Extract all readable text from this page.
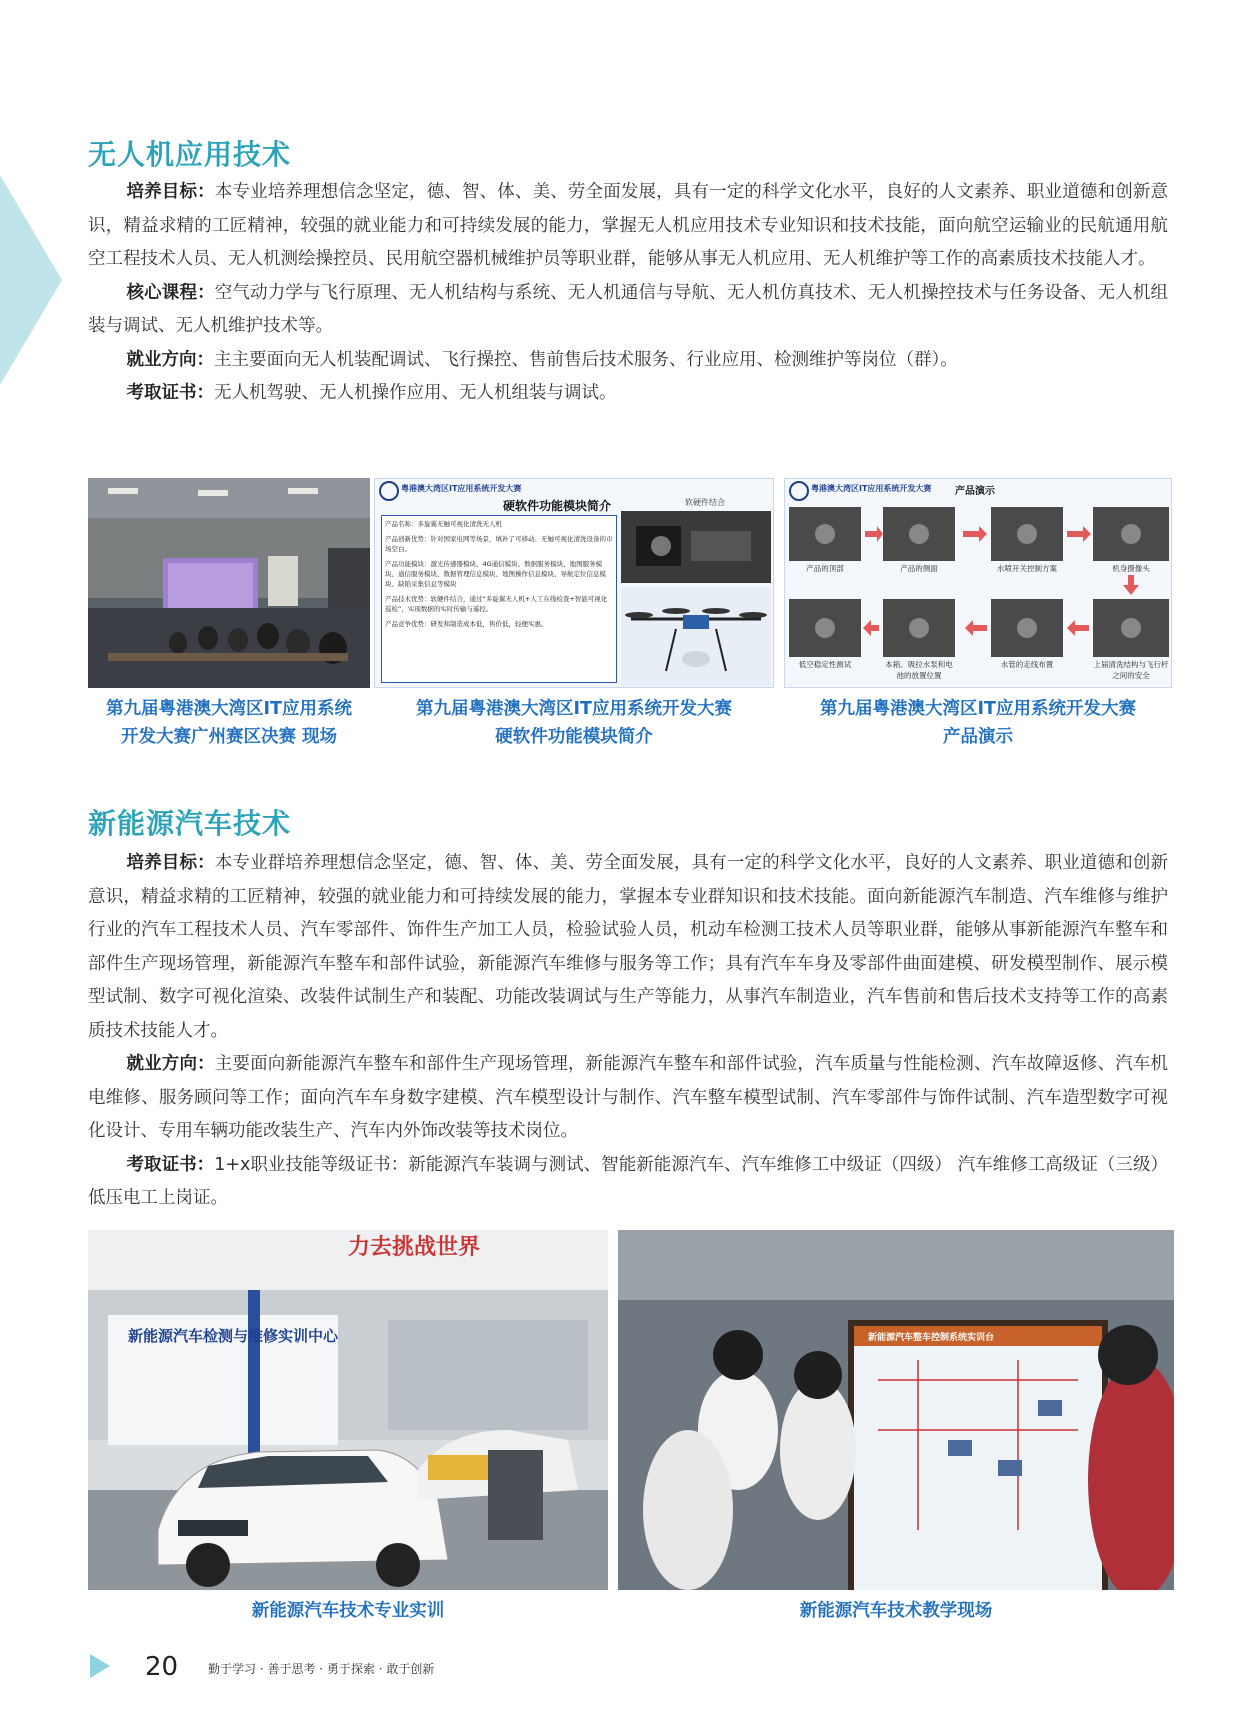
无人机应用技术

培养目标：本专业培养理想信念坚定，德、智、体、美、劳全面发展，具有一定的科学文化水平，良好的人文素养、职业道德和创新意识，精益求精的工匠精神，较强的就业能力和可持续发展的能力，掌握无人机应用技术专业知识和技术技能，面向航空运输业的民航通用航空工程技术人员、无人机测绘操控员、民用航空器机械维护员等职业群，能够从事无人机应用、无人机维护等工作的高素质技术技能人才。

核心课程：空气动力学与飞行原理、无人机结构与系统、无人机通信与导航、无人机仿真技术、无人机操控技术与任务设备、无人机组装与调试、无人机维护技术等。

就业方向：主主要面向无人机装配调试、飞行操控、售前售后技术服务、行业应用、检测维护等岗位（群）。

考取证书：无人机驾驶、无人机操作应用、无人机组装与调试。

第九届粤港澳大湾区IT应用系统
开发大赛广州赛区决赛 现场
粤港澳大湾区IT应用系统开发大赛
硬软件功能模块简介
产品名称：多旋翼无触可视化清洗无人机
产品创新优势：针对国家电网等场景，填补了可移动、无触可视化清洗设备的市场空白。
产品功能模块：激光传感器模块、4G通信模块、数据服务模块、地图服务模块、通信服务模块、数据管理信息模块、地图操作信息模块、导航定位信息模块、缺陷采集信息等模块
产品技术优势：软硬件结合，通过“多旋翼无人机+人工在线检查+智能可视化巡检”，实现数据的实时传输与遥控。
产品竞争优势：研发和制造成本低，售价低，轻便实惠。
软硬件结合
第九届粤港澳大湾区IT应用系统开发大赛
硬软件功能模块简介
粤港澳大湾区IT应用系统开发大赛 产品演示
产品的顶部	产品的侧面	水喷开关控制方案	机身摄像头
上届清洗结构与飞行杆之间的安全
水管的走线布置
本箱、吸拉水泵和电池的放置位置
低空稳定性测试
第九届粤港澳大湾区IT应用系统开发大赛
产品演示
新能源汽车技术

培养目标：本专业群培养理想信念坚定，德、智、体、美、劳全面发展，具有一定的科学文化水平，良好的人文素养、职业道德和创新意识，精益求精的工匠精神，较强的就业能力和可持续发展的能力，掌握本专业群知识和技术技能。面向新能源汽车制造、汽车维修与维护行业的汽车工程技术人员、汽车零部件、饰件生产加工人员，检验试验人员，机动车检测工技术人员等职业群，能够从事新能源汽车整车和部件生产现场管理，新能源汽车整车和部件试验，新能源汽车维修与服务等工作；具有汽车车身及零部件曲面建模、研发模型制作、展示模型试制、数字可视化渲染、改装件试制生产和装配、功能改装调试与生产等能力，从事汽车制造业，汽车售前和售后技术支持等工作的高素质技术技能人才。

就业方向：主要面向新能源汽车整车和部件生产现场管理，新能源汽车整车和部件试验，汽车质量与性能检测、汽车故障返修、汽车机电维修、服务顾问等工作；面向汽车车身数字建模、汽车模型设计与制作、汽车整车模型试制、汽车零部件与饰件试制、汽车造型数字可视化设计、专用车辆功能改装生产、汽车内外饰改装等技术岗位。

考取证书：1+x职业技能等级证书：新能源汽车装调与测试、智能新能源汽车、汽车维修工中级证（四级） 汽车维修工高级证（三级） 低压电工上岗证。

力去挑战世界
新能源汽车检测与维修实训中心
新能源汽车技术专业实训
新能源汽车整车控制系统实训台
新能源汽车技术教学现场
20 勤于学习 · 善于思考 · 勇于探索 · 敢于创新
